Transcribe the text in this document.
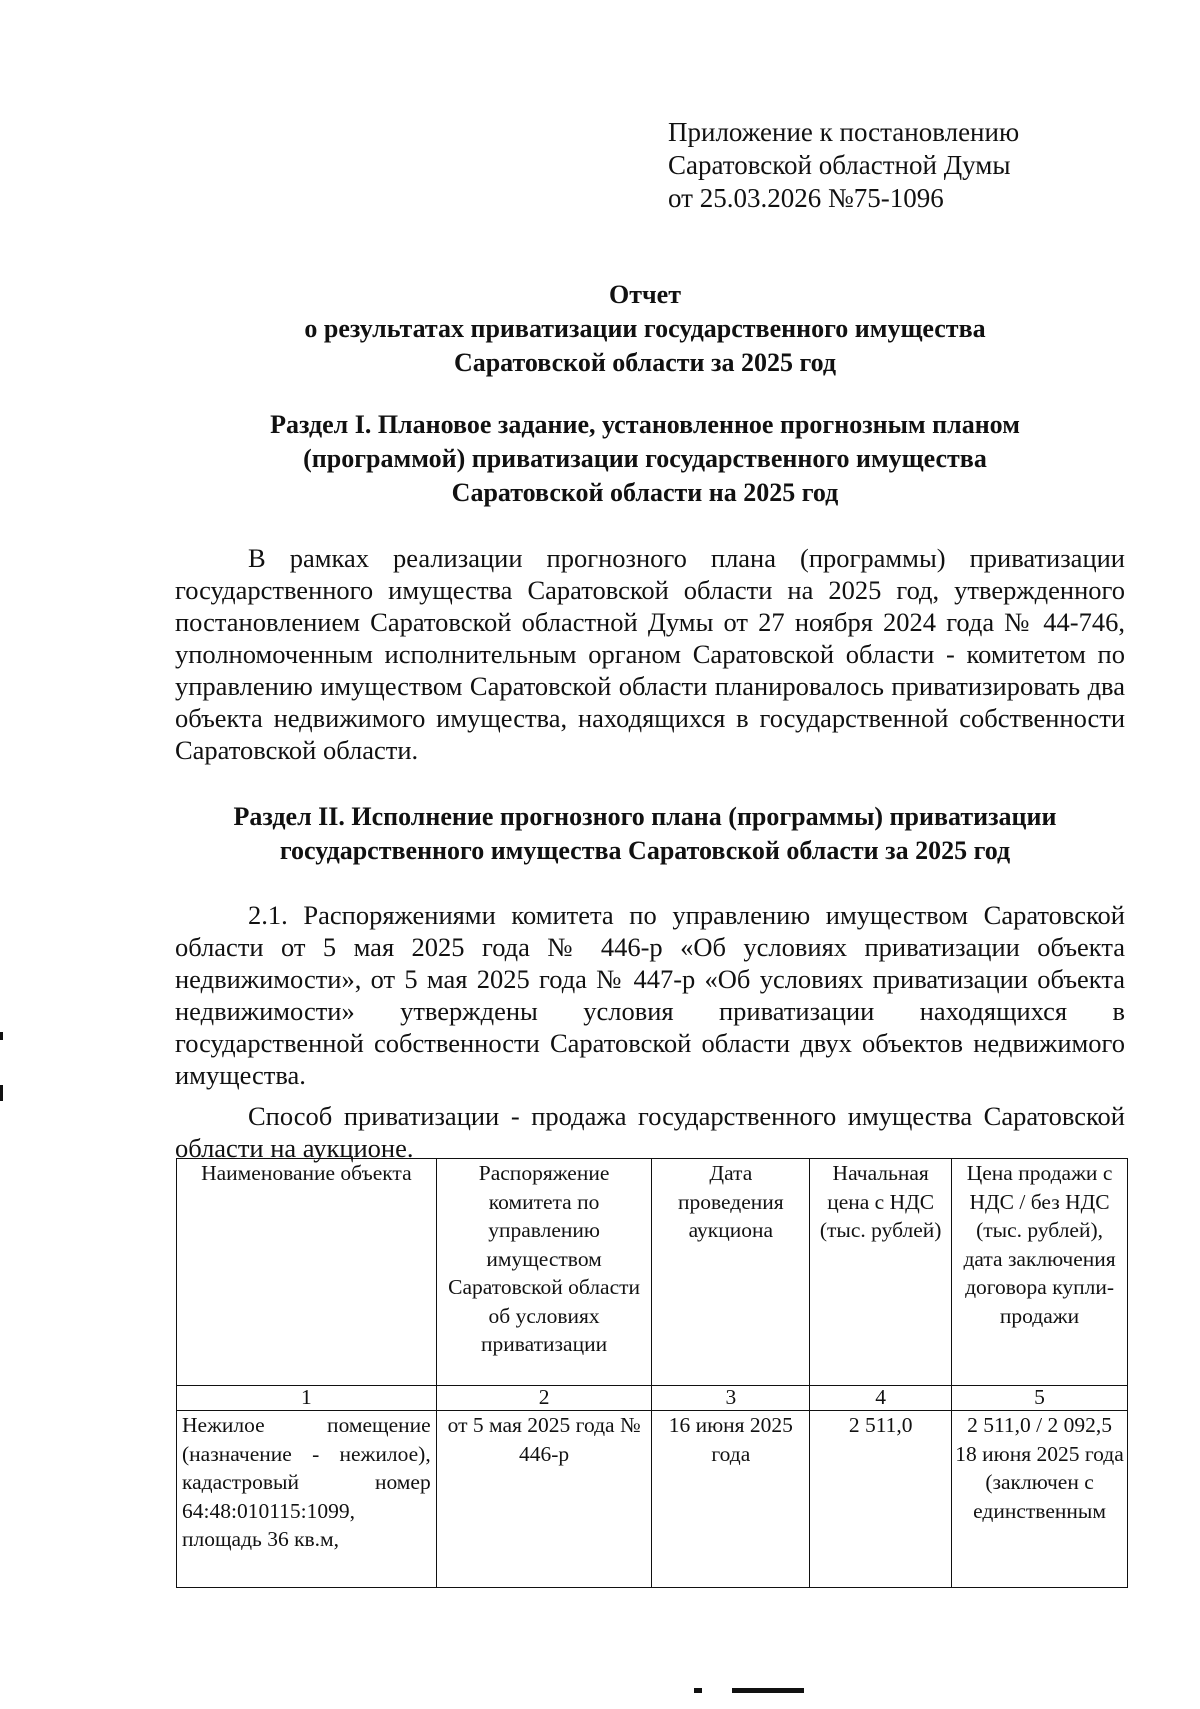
Приложение к постановлению
Саратовской областной Думы
от 25.03.2026 №75-1096
Отчет
о результатах приватизации государственного имущества
Саратовской области за 2025 год
Раздел I. Плановое задание, установленное прогнозным планом
(программой) приватизации государственного имущества
Саратовской области на 2025 год
В рамках реализации прогнозного плана (программы) приватизации государственного имущества Саратовской области на 2025 год, утвержденного постановлением Саратовской областной Думы от 27 ноября 2024 года № 44-746, уполномоченным исполнительным органом Саратовской области - комитетом по управлению имуществом Саратовской области планировалось приватизировать два объекта недвижимого имущества, находящихся в государственной собственности Саратовской области.
Раздел II. Исполнение прогнозного плана (программы) приватизации
государственного имущества Саратовской области за 2025 год
2.1. Распоряжениями комитета по управлению имуществом Саратовской области от 5 мая 2025 года № 446-р «Об условиях приватизации объекта недвижимости», от 5 мая 2025 года № 447-р «Об условиях приватизации объекта недвижимости» утверждены условия приватизации находящихся в государственной собственности Саратовской области двух объектов недвижимого имущества.
Способ приватизации - продажа государственного имущества Саратовской области на аукционе.
Наименование объекта	Распоряжение комитета по управлению имуществом Саратовской области об условиях приватизации	Дата проведения аукциона	Начальная цена с НДС (тыс. рублей)	Цена продажи с НДС / без НДС (тыс. рублей), дата заключения договора купли-продажи
1	2	3	4	5
Нежилое помещение (назначение - нежилое), кадастровый номер 64:48:010115:1099, площадь 36 кв.м,	от 5 мая 2025 года № 446-р	16 июня 2025 года	2 511,0	2 511,0 / 2 092,5 18 июня 2025 года (заключен с единственным
